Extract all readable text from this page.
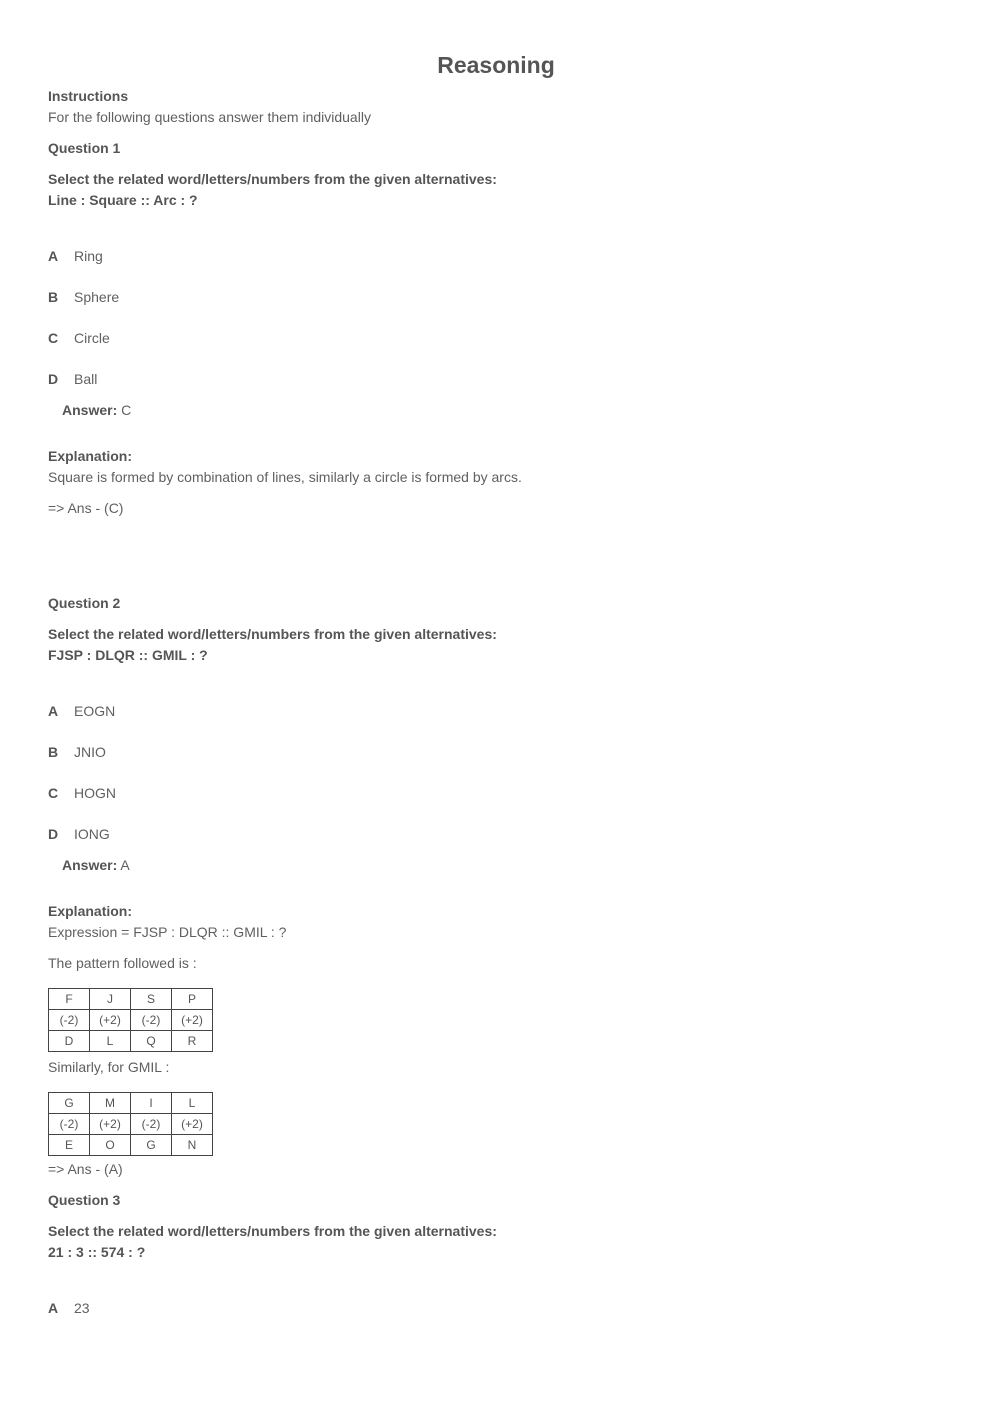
Reasoning
Instructions
For the following questions answer them individually
Question 1
Select the related word/letters/numbers from the given alternatives:
Line : Square :: Arc : ?
A Ring
B Sphere
C Circle
D Ball
Answer: C
Explanation:
Square is formed by combination of lines, similarly a circle is formed by arcs.
=> Ans - (C)
Question 2
Select the related word/letters/numbers from the given alternatives:
FJSP : DLQR :: GMIL : ?
A EOGN
B JNIO
C HOGN
D IONG
Answer: A
Explanation:
Expression = FJSP : DLQR :: GMIL : ?
The pattern followed is :
F	J	S	P
(-2)	(+2)	(-2)	(+2)
D	L	Q	R
Similarly, for GMIL :
G	M	I	L
(-2)	(+2)	(-2)	(+2)
E	O	G	N
=> Ans - (A)
Question 3
Select the related word/letters/numbers from the given alternatives:
21 : 3 :: 574 : ?
A 23
